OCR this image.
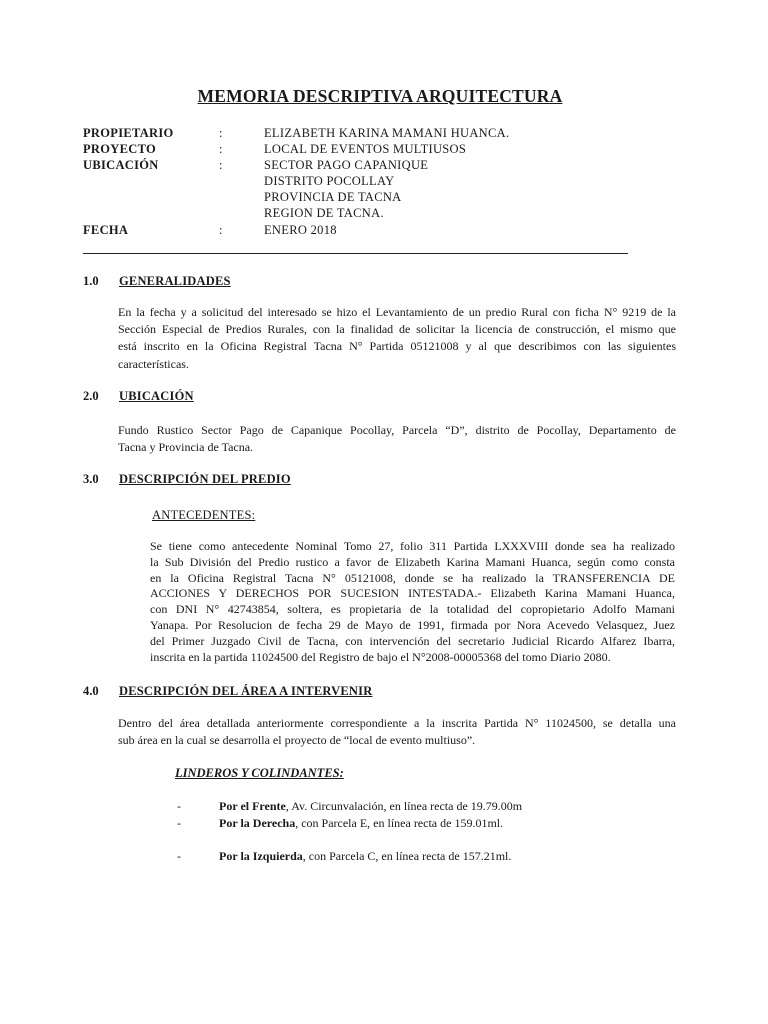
MEMORIA DESCRIPTIVA ARQUITECTURA
PROPIETARIO	:	ELIZABETH KARINA MAMANI HUANCA.
PROYECTO	:	LOCAL DE EVENTOS MULTIUSOS
UBICACIÓN	:	SECTOR PAGO CAPANIQUE
DISTRITO POCOLLAY
PROVINCIA DE TACNA
REGION DE TACNA.
FECHA	:	ENERO 2018
1.0 GENERALIDADES
En la fecha y a solicitud del interesado se hizo el Levantamiento de un predio Rural con ficha N° 9219 de la
Sección Especial de Predios Rurales, con la finalidad de solicitar la licencia de construcción, el mismo que
está inscrito en la Oficina Registral Tacna N° Partida 05121008 y al que describimos con las siguientes
características.
2.0 UBICACIÓN
Fundo Rustico Sector Pago de Capanique Pocollay, Parcela “D”, distrito de Pocollay, Departamento de
Tacna y Provincia de Tacna.
3.0 DESCRIPCIÓN DEL PREDIO
ANTECEDENTES:
Se tiene como antecedente Nominal Tomo 27, folio 311 Partida LXXXVIII donde sea ha realizado
la Sub División del Predio rustico a favor de Elizabeth Karina Mamani Huanca, según como consta
en la Oficina Registral Tacna N° 05121008, donde se ha realizado la TRANSFERENCIA DE
ACCIONES Y DERECHOS POR SUCESION INTESTADA.- Elizabeth Karina Mamani Huanca,
con DNI N° 42743854, soltera, es propietaria de la totalidad del copropietario Adolfo Mamani
Yanapa. Por Resolucion de fecha 29 de Mayo de 1991, firmada por Nora Acevedo Velasquez, Juez
del Primer Juzgado Civil de Tacna, con intervención del secretario Judicial Ricardo Alfarez Ibarra,
inscrita en la partida 11024500 del Registro de bajo el N°2008-00005368 del tomo Diario 2080.
4.0 DESCRIPCIÓN DEL ÁREA A INTERVENIR
Dentro del área detallada anteriormente correspondiente a la inscrita Partida N° 11024500, se detalla una
sub área en la cual se desarrolla el proyecto de “local de evento multiuso”.
LINDEROS Y COLINDANTES:
-	Por el Frente, Av. Circunvalación, en línea recta de 19.79.00m
-	Por la Derecha, con Parcela E, en línea recta de 159.01ml.
-	Por la Izquierda, con Parcela C, en línea recta de 157.21ml.
